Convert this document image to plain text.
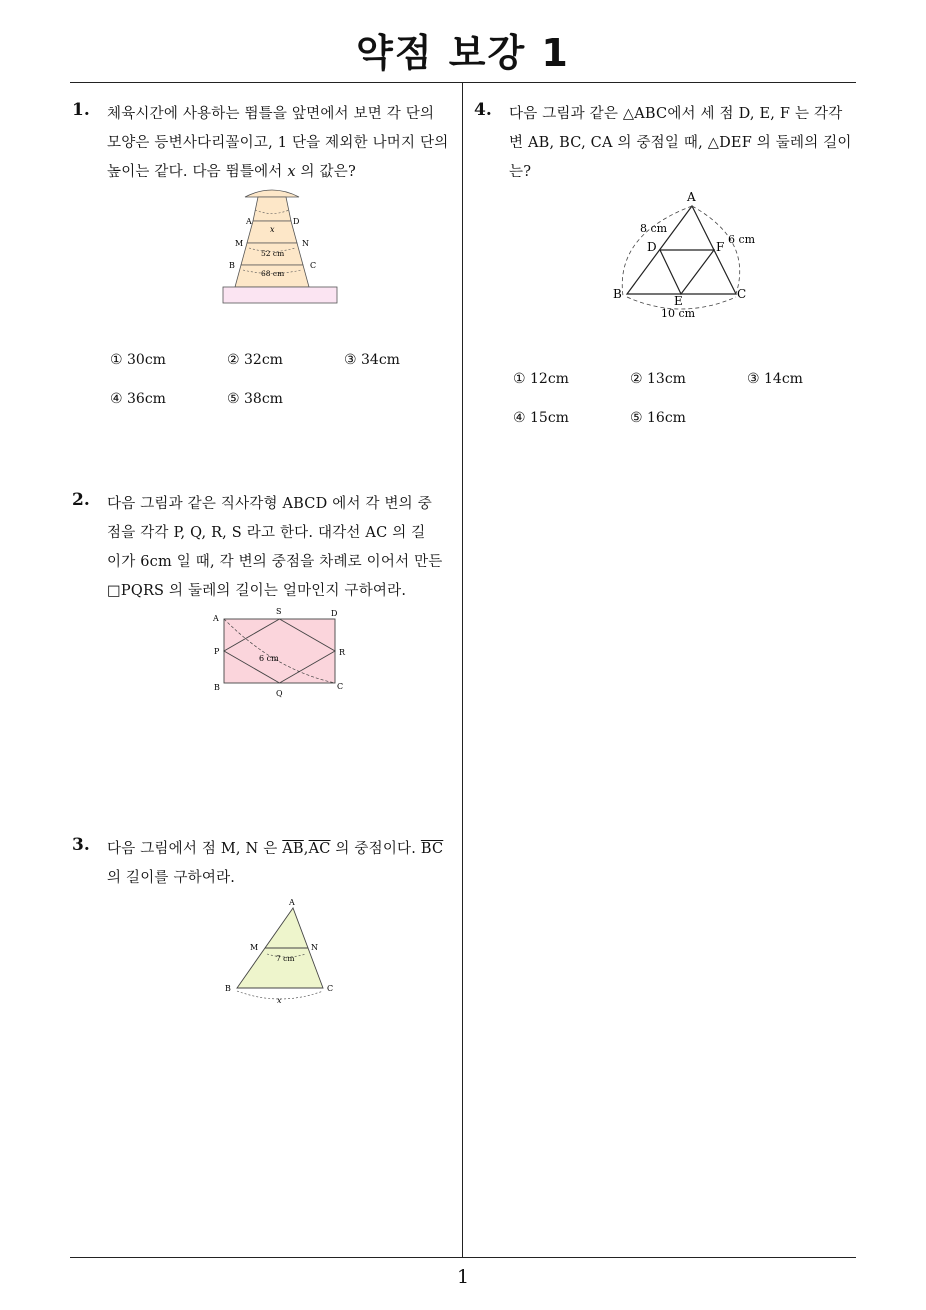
약점 보강 1
1
1. 체육시간에 사용하는 뜀틀을 앞면에서 보면 각 단의
모양은 등변사다리꼴이고, 1 단을 제외한 나머지 단의
높이는 같다. 다음 뜀틀에서 𝑥 의 값은?
A	D
M	N
B	C
x
52 cm
68 cm
① 30cm	② 32cm	③ 34cm
④ 36cm	⑤ 38cm
2. 다음 그림과 같은 직사각형 ABCD 에서 각 변의 중
점을 각각 P, Q, R, S 라고 한다. 대각선 AC 의 길
이가 6cm 일 때, 각 변의 중점을 차례로 이어서 만든
□PQRS 의 둘레의 길이는 얼마인지 구하여라.
A
S	D
P	R
B
Q
C
6 cm
3. 다음 그림에서 점 M, N 은 $\overline{AB},\overline{AC}$ 의 중점이다. $\overline{BC}$
의 길이를 구하여라.
A
M	N
7 cm
B	C
x
4. 다음 그림과 같은 △ABC에서 세 점 D, E, F 는 각각
변 AB, BC, CA 의 중점일 때, △DEF 의 둘레의 길이
는?
A
8 cm
6 cm
D	F
B	E	C
10 cm
① 12cm	② 13cm	③ 14cm
④ 15cm	⑤ 16cm
